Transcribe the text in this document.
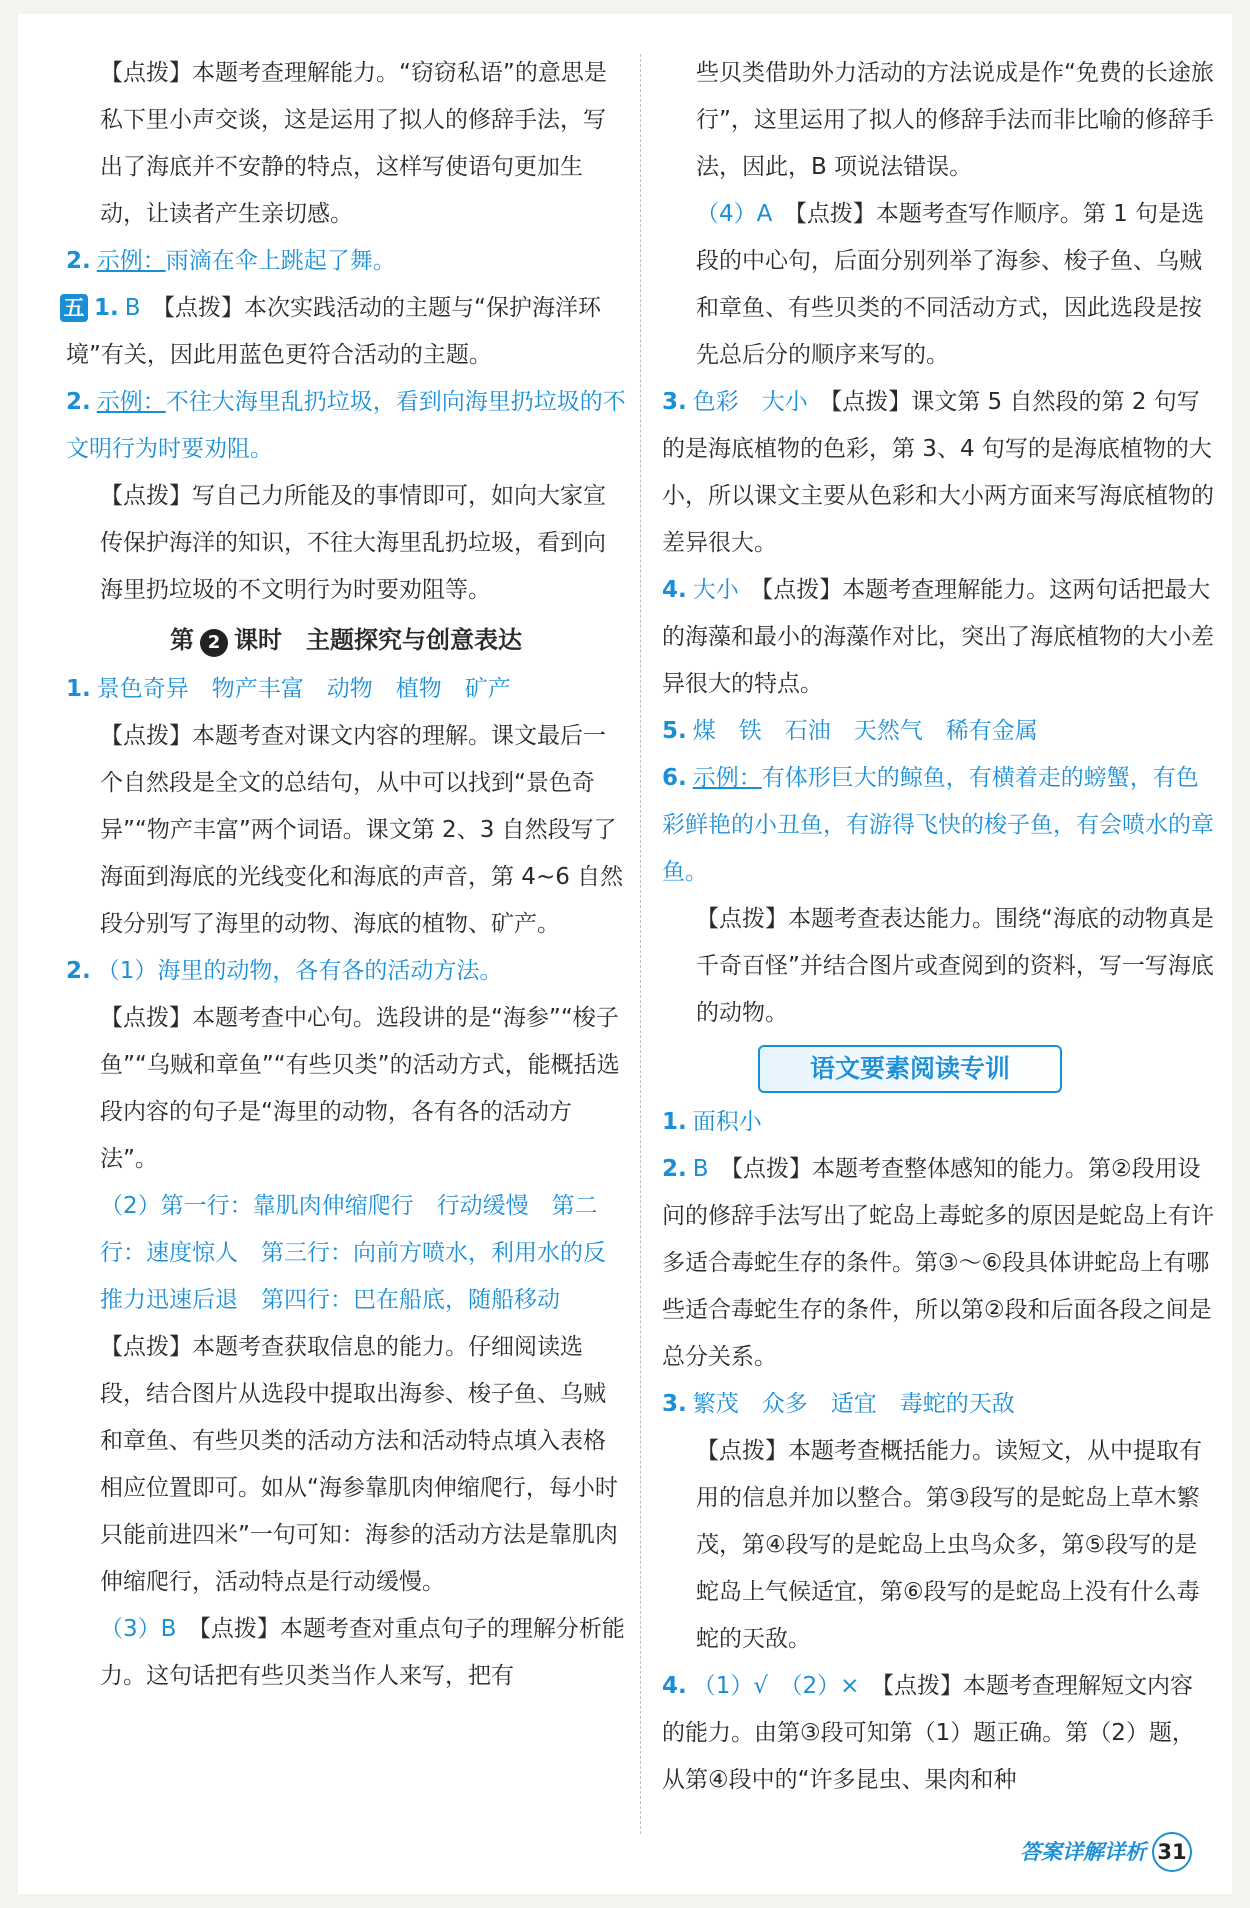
【点拨】本题考查理解能力。“窃窃私语”的意思是私下里小声交谈，这是运用了拟人的修辞手法，写出了海底并不安静的特点，这样写使语句更加生动，让读者产生亲切感。

2. 示例：雨滴在伞上跳起了舞。

五 1. B　 【点拨】本次实践活动的主题与“保护海洋环境”有关，因此用蓝色更符合活动的主题。

2. 示例：不往大海里乱扔垃圾，看到向海里扔垃圾的不文明行为时要劝阻。

【点拨】写自己力所能及的事情即可，如向大家宣传保护海洋的知识，不往大海里乱扔垃圾，看到向海里扔垃圾的不文明行为时要劝阻等。

第 2 课时　主题探究与创意表达

1. 景色奇异　物产丰富　动物　植物　矿产

【点拨】本题考查对课文内容的理解。课文最后一个自然段是全文的总结句，从中可以找到“景色奇异”“物产丰富”两个词语。课文第 2、3 自然段写了海面到海底的光线变化和海底的声音，第 4~6 自然段分别写了海里的动物、海底的植物、矿产。

2. （1）海里的动物，各有各的活动方法。

【点拨】本题考查中心句。选段讲的是“海参”“梭子鱼”“乌贼和章鱼”“有些贝类”的活动方式，能概括选段内容的句子是“海里的动物，各有各的活动方法”。

（2）第一行：靠肌肉伸缩爬行　行动缓慢　第二行：速度惊人　第三行：向前方喷水，利用水的反推力迅速后退　第四行：巴在船底，随船移动

【点拨】本题考查获取信息的能力。仔细阅读选段，结合图片从选段中提取出海参、梭子鱼、乌贼和章鱼、有些贝类的活动方法和活动特点填入表格相应位置即可。如从“海参靠肌肉伸缩爬行，每小时只能前进四米”一句可知：海参的活动方法是靠肌肉伸缩爬行，活动特点是行动缓慢。

（3）B　 【点拨】本题考查对重点句子的理解分析能力。这句话把有些贝类当作人来写，把有

些贝类借助外力活动的方法说成是作“免费的长途旅行”，这里运用了拟人的修辞手法而非比喻的修辞手法，因此，B 项说法错误。

（4）A　 【点拨】本题考查写作顺序。第 1 句是选段的中心句，后面分别列举了海参、梭子鱼、乌贼和章鱼、有些贝类的不同活动方式，因此选段是按先总后分的顺序来写的。

3. 色彩　大小　 【点拨】课文第 5 自然段的第 2 句写的是海底植物的色彩，第 3、4 句写的是海底植物的大小，所以课文主要从色彩和大小两方面来写海底植物的差异很大。

4. 大小　 【点拨】本题考查理解能力。这两句话把最大的海藻和最小的海藻作对比，突出了海底植物的大小差异很大的特点。

5. 煤　铁　石油　天然气　稀有金属

6. 示例：有体形巨大的鲸鱼，有横着走的螃蟹，有色彩鲜艳的小丑鱼，有游得飞快的梭子鱼，有会喷水的章鱼。

【点拨】本题考查表达能力。围绕“海底的动物真是千奇百怪”并结合图片或查阅到的资料，写一写海底的动物。

语文要素阅读专训

1. 面积小

2. B　 【点拨】本题考查整体感知的能力。第②段用设问的修辞手法写出了蛇岛上毒蛇多的原因是蛇岛上有许多适合毒蛇生存的条件。第③～⑥段具体讲蛇岛上有哪些适合毒蛇生存的条件，所以第②段和后面各段之间是总分关系。

3. 繁茂　众多　适宜　毒蛇的天敌

【点拨】本题考查概括能力。读短文，从中提取有用的信息并加以整合。第③段写的是蛇岛上草木繁茂，第④段写的是蛇岛上虫鸟众多，第⑤段写的是蛇岛上气候适宜，第⑥段写的是蛇岛上没有什么毒蛇的天敌。

4. （1）√　（2）×　 【点拨】本题考查理解短文内容的能力。由第③段可知第（1）题正确。第（2）题，从第④段中的“许多昆虫、果肉和种

答案详解详析 31
